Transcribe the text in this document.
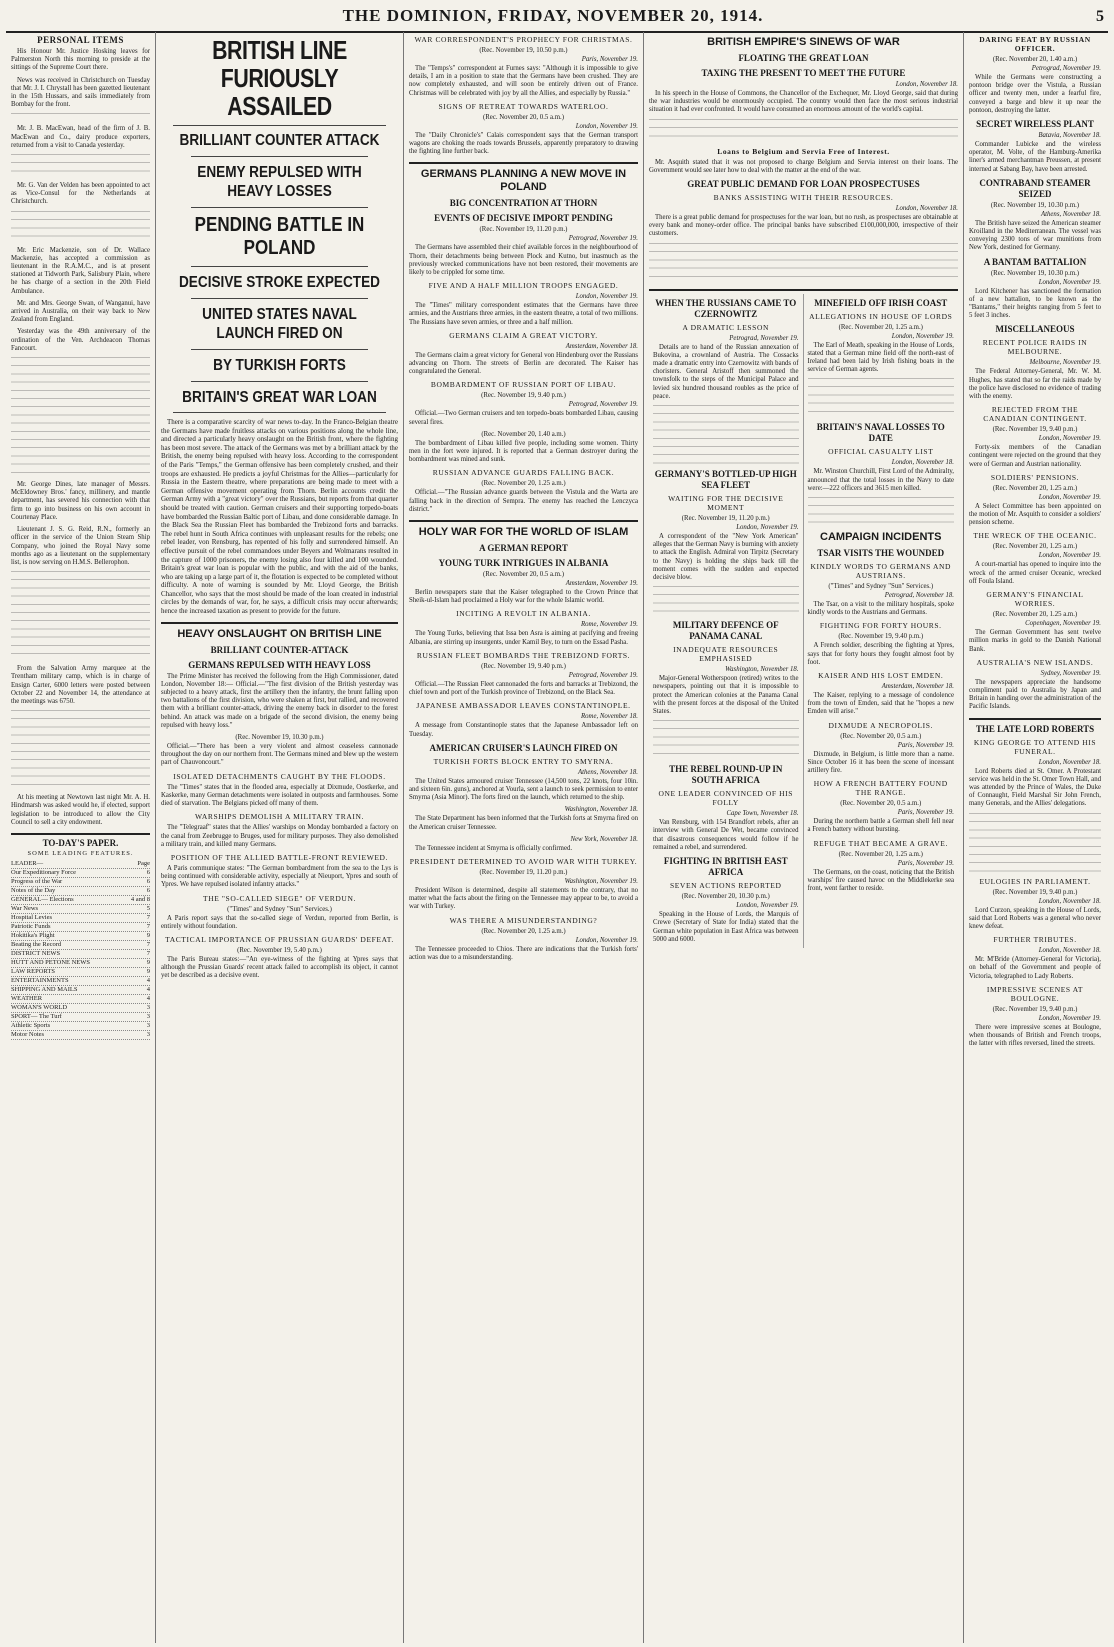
THE DOMINION, FRIDAY, NOVEMBER 20, 1914.	5
PERSONAL ITEMS

His Honour Mr. Justice Hosking leaves for Palmerston North this morning to preside at the sittings of the Supreme Court there.

News was received in Christchurch on Tuesday that Mr. J. I. Chrystall has been gazetted lieutenant in the 15th Hussars, and sails immediately from Bombay for the front.

Mr. J. B. MacEwan, head of the firm of J. B. MacEwan and Co., dairy produce exporters, returned from a visit to Canada yesterday.

Mr. G. Van der Velden has been appointed to act as Vice-Consul for the Netherlands at Christchurch.

Mr. Eric Mackenzie, son of Dr. Wallace Mackenzie, has accepted a commission as lieutenant in the R.A.M.C., and is at present stationed at Tidworth Park, Salisbury Plain, where he has charge of a section in the 20th Field Ambulance.

Mr. and Mrs. George Swan, of Wanganui, have arrived in Australia, on their way back to New Zealand from England.

Yesterday was the 49th anniversary of the ordination of the Ven. Archdeacon Thomas Fancourt.

Mr. George Dines, late manager of Messrs. McEldowney Bros.' fancy, millinery, and mantle department, has severed his connection with that firm to go into business on his own account in Courtenay Place.

Lieutenant J. S. G. Reid, R.N., formerly an officer in the service of the Union Steam Ship Company, who joined the Royal Navy some months ago as a lieutenant on the supplementary list, is now serving on H.M.S. Bellerophon.

From the Salvation Army marquee at the Trentham military camp, which is in charge of Ensign Carter, 6000 letters were posted between October 22 and November 14, the attendance at the meetings was 6750.

At his meeting at Newtown last night Mr. A. H. Hindmarsh was asked would he, if elected, support legislation to be introduced to allow the City Council to sell a city endowment.

TO-DAY'S PAPER.
SOME LEADING FEATURES.
LEADER—	Page
Our Expeditionary Force	6
Progress of the War	6
Notes of the Day	6
GENERAL— Elections	4 and 8
War News	5
Hospital Levies	7
Patriotic Funds	7
Hokitika's Plight	9
Beating the Record	7
DISTRICT NEWS	7
HUTT AND PETONE NEWS	9
LAW REPORTS	9
ENTERTAINMENTS	4
SHIPPING AND MAILS	4
WEATHER	4
WOMAN'S WORLD	3
SPORT— The Turf	3
Athletic Sports	3
Motor Notes	3
BRITISH LINE FURIOUSLY ASSAILED
BRILLIANT COUNTER ATTACK
ENEMY REPULSED WITH HEAVY LOSSES
PENDING BATTLE IN POLAND
DECISIVE STROKE EXPECTED
UNITED STATES NAVAL LAUNCH FIRED ON
BY TURKISH FORTS
BRITAIN'S GREAT WAR LOAN

There is a comparative scarcity of war news to-day. In the Franco-Belgian theatre the Germans have made fruitless attacks on various positions along the whole line, and directed a particularly heavy onslaught on the British front, where the fighting has been most severe. The attack of the Germans was met by a brilliant attack by the British, the enemy being repulsed with heavy loss. According to the correspondent of the Paris "Temps," the German offensive has been completely crushed, and their troops are exhausted. He predicts a joyful Christmas for the Allies—particularly for Russia in the Eastern theatre, where preparations are being made to meet with a German offensive movement operating from Thorn. Berlin accounts credit the German Army with a "great victory" over the Russians, but reports from that quarter should be treated with caution. German cruisers and their supporting torpedo-boats have bombarded the Russian Baltic port of Libau, and done considerable damage. In the Black Sea the Russian Fleet has bombarded the Trebizond forts and barracks. The rebel hunt in South Africa continues with unpleasant results for the rebels; one rebel leader, von Rensburg, has repented of his folly and surrendered himself. An effective pursuit of the rebel commandoes under Beyers and Wolmarans resulted in the capture of 1000 prisoners, the enemy losing also four killed and 100 wounded. Britain's great war loan is popular with the public, and with the aid of the banks, who are taking up a large part of it, the flotation is expected to be completed without difficulty. A note of warning is sounded by Mr. Lloyd George, the British Chancellor, who says that the most should be made of the loan created in industrial circles by the demands of war, for, he says, a difficult crisis may occur afterwards; hence the increased taxation as present to provide for the future.

HEAVY ONSLAUGHT ON BRITISH LINE
BRILLIANT COUNTER-ATTACK
GERMANS REPULSED WITH HEAVY LOSS

The Prime Minister has received the following from the High Commissioner, dated London, November 18:— Official.—"The first division of the British yesterday was subjected to a heavy attack, first the artillery then the infantry, the brunt falling upon two battalions of the first division, who were shaken at first, but rallied, and recovered them with a brilliant counter-attack, driving the enemy back in disorder to the forest behind. An attack was made on a brigade of the second division, the enemy being repulsed with heavy loss."

(Rec. November 19, 10.30 p.m.)

Official.—"There has been a very violent and almost ceaseless cannonade throughout the day on our northern front. The Germans mined and blew up the western part of Chauvoncourt."

ISOLATED DETACHMENTS CAUGHT BY THE FLOODS.

The "Times" states that in the flooded area, especially at Dixmude, Oostkerke, and Kaskerke, many German detachments were isolated in outposts and farmhouses. Some died of starvation. The Belgians picked off many of them.

WARSHIPS DEMOLISH A MILITARY TRAIN.

The "Telegraaf" states that the Allies' warships on Monday bombarded a factory on the canal from Zeebrugge to Bruges, used for military purposes. They also demolished a military train, and killed many Germans.

POSITION OF THE ALLIED BATTLE-FRONT REVIEWED.

A Paris communique states: "The German bombardment from the sea to the Lys is being continued with considerable activity, especially at Nieuport, Ypres and south of Ypres. We have repulsed isolated infantry attacks."

THE "SO-CALLED SIEGE" OF VERDUN.
("Times" and Sydney "Sun" Services.)

A Paris report says that the so-called siege of Verdun, reported from Berlin, is entirely without foundation.

TACTICAL IMPORTANCE OF PRUSSIAN GUARDS' DEFEAT.
(Rec. November 19, 5.40 p.m.)

The Paris Bureau states:—"An eye-witness of the fighting at Ypres says that although the Prussian Guards' recent attack failed to accomplish its object, it cannot yet be described as a decisive event.

WAR CORRESPONDENT'S PROPHECY FOR CHRISTMAS.
(Rec. November 19, 10.50 p.m.)
Paris, November 19.

The "Temps's" correspondent at Furnes says: "Although it is impossible to give details, I am in a position to state that the Germans have been crushed. They are now completely exhausted, and will soon be entirely driven out of France. Christmas will be celebrated with joy by all the Allies, and especially by Russia."

SIGNS OF RETREAT TOWARDS WATERLOO.
(Rec. November 20, 0.5 a.m.)
London, November 19.

The "Daily Chronicle's" Calais correspondent says that the German transport wagons are choking the roads towards Brussels, apparently preparatory to drawing the fighting line further back.

GERMANS PLANNING A NEW MOVE IN POLAND
BIG CONCENTRATION AT THORN
EVENTS OF DECISIVE IMPORT PENDING
(Rec. November 19, 11.20 p.m.)
Petrograd, November 19.

The Germans have assembled their chief available forces in the neighbourhood of Thorn, their detachments being between Plock and Kutno, but inasmuch as the previously wrecked communications have not been restored, their movements are likely to be crippled for some time.

FIVE AND A HALF MILLION TROOPS ENGAGED.
London, November 19.

The "Times" military correspondent estimates that the Germans have three armies, and the Austrians three armies, in the eastern theatre, a total of two millions. The Russians have seven armies, or three and a half million.

GERMANS CLAIM A GREAT VICTORY.
Amsterdam, November 18.

The Germans claim a great victory for General von Hindenburg over the Russians advancing on Thorn. The streets of Berlin are decorated. The Kaiser has congratulated the General.

BOMBARDMENT OF RUSSIAN PORT OF LIBAU.
(Rec. November 19, 9.40 p.m.)
Petrograd, November 19.

Official.—Two German cruisers and ten torpedo-boats bombarded Libau, causing several fires.

(Rec. November 20, 1.40 a.m.)

The bombardment of Libau killed five people, including some women. Thirty men in the fort were injured. It is reported that a German destroyer during the bombardment was mined and sunk.

RUSSIAN ADVANCE GUARDS FALLING BACK.
(Rec. November 20, 1.25 a.m.)

Official.—"The Russian advance guards between the Vistula and the Warta are falling back in the direction of Sempra. The enemy has reached the Lenczyca district."

HOLY WAR FOR THE WORLD OF ISLAM
A GERMAN REPORT
YOUNG TURK INTRIGUES IN ALBANIA
(Rec. November 20, 0.5 a.m.)
Amsterdam, November 19.

Berlin newspapers state that the Kaiser telegraphed to the Crown Prince that Sheik-ul-Islam had proclaimed a Holy war for the whole Islamic world.

INCITING A REVOLT IN ALBANIA.
Rome, November 19.

The Young Turks, believing that Issa ben Asra is aiming at pacifying and freeing Albania, are stirring up insurgents, under Kamil Bey, to turn on the Essad Pasha.

RUSSIAN FLEET BOMBARDS THE TREBIZOND FORTS.
(Rec. November 19, 9.40 p.m.)
Petrograd, November 19.

Official.—The Russian Fleet cannonaded the forts and barracks at Trebizond, the chief town and port of the Turkish province of Trebizond, on the Black Sea.

JAPANESE AMBASSADOR LEAVES CONSTANTINOPLE.
Rome, November 18.

A message from Constantinople states that the Japanese Ambassador left on Tuesday.

AMERICAN CRUISER'S LAUNCH FIRED ON
TURKISH FORTS BLOCK ENTRY TO SMYRNA.
Athens, November 18.

The United States armoured cruiser Tennessee (14,500 tons, 22 knots, four 10in. and sixteen 6in. guns), anchored at Vourla, sent a launch to seek permission to enter Smyrna (Asia Minor). The forts fired on the launch, which returned to the ship.

Washington, November 18.

The State Department has been informed that the Turkish forts at Smyrna fired on the American cruiser Tennessee.

New York, November 18.

The Tennessee incident at Smyrna is officially confirmed.

PRESIDENT DETERMINED TO AVOID WAR WITH TURKEY.
(Rec. November 19, 11.20 p.m.)
Washington, November 19.

President Wilson is determined, despite all statements to the contrary, that no matter what the facts about the firing on the Tennessee may appear to be, to avoid a war with Turkey.

WAS THERE A MISUNDERSTANDING?
(Rec. November 20, 1.25 a.m.)
London, November 19.

The Tennessee proceeded to Chios. There are indications that the Turkish forts' action was due to a misunderstanding.

BRITISH EMPIRE'S SINEWS OF WAR
FLOATING THE GREAT LOAN
TAXING THE PRESENT TO MEET THE FUTURE
London, November 18.

In his speech in the House of Commons, the Chancellor of the Exchequer, Mr. Lloyd George, said that during the war industries would be enormously occupied. The country would then face the most serious industrial situation it had ever confronted. It would have consumed an enormous amount of the world's capital.

Loans to Belgium and Servia Free of Interest.

Mr. Asquith stated that it was not proposed to charge Belgium and Servia interest on their loans. The Government would see later how to deal with the matter at the end of the war.

GREAT PUBLIC DEMAND FOR LOAN PROSPECTUSES
BANKS ASSISTING WITH THEIR RESOURCES.
London, November 18.

There is a great public demand for prospectuses for the war loan, but no rush, as prospectuses are obtainable at every bank and money-order office. The principal banks have subscribed £100,000,000, irrespective of their customers.

WHEN THE RUSSIANS CAME TO CZERNOWITZ
A DRAMATIC LESSON
Petrograd, November 19.

Details are to hand of the Russian annexation of Bukovina, a crownland of Austria. The Cossacks made a dramatic entry into Czernowitz with bands of choristers. General Aristoff then summoned the townsfolk to the steps of the Municipal Palace and levied six hundred thousand roubles as the price of peace.

GERMANY'S BOTTLED-UP HIGH SEA FLEET
WAITING FOR THE DECISIVE MOMENT
(Rec. November 19, 11.20 p.m.)
London, November 19.

A correspondent of the "New York American" alleges that the German Navy is burning with anxiety to attack the English. Admiral von Tirpitz (Secretary to the Navy) is holding the ships back till the moment comes with the sudden and expected decisive blow.

MILITARY DEFENCE OF PANAMA CANAL
INADEQUATE RESOURCES EMPHASISED
Washington, November 18.

Major-General Wotherspoon (retired) writes to the newspapers, pointing out that it is impossible to protect the American colonies at the Panama Canal with the present forces at the disposal of the United States.

THE REBEL ROUND-UP IN SOUTH AFRICA
ONE LEADER CONVINCED OF HIS FOLLY
Cape Town, November 18.

Van Rensburg, with 154 Brandfort rebels, after an interview with General De Wet, became convinced that disastrous consequences would follow if he remained a rebel, and surrendered.

FIGHTING IN BRITISH EAST AFRICA
SEVEN ACTIONS REPORTED
(Rec. November 20, 10.30 p.m.)
London, November 19.

Speaking in the House of Lords, the Marquis of Crewe (Secretary of State for India) stated that the German white population in East Africa was between 5000 and 6000.

MINEFIELD OFF IRISH COAST
ALLEGATIONS IN HOUSE OF LORDS
(Rec. November 20, 1.25 a.m.)
London, November 19.

The Earl of Meath, speaking in the House of Lords, stated that a German mine field off the north-east of Ireland had been laid by Irish fishing boats in the service of German agents.

BRITAIN'S NAVAL LOSSES TO DATE
OFFICIAL CASUALTY LIST
London, November 18.

Mr. Winston Churchill, First Lord of the Admiralty, announced that the total losses in the Navy to date were:—222 officers and 3615 men killed.

CAMPAIGN INCIDENTS
TSAR VISITS THE WOUNDED
KINDLY WORDS TO GERMANS AND AUSTRIANS.
("Times" and Sydney "Sun" Services.)
Petrograd, November 18.

The Tsar, on a visit to the military hospitals, spoke kindly words to the Austrians and Germans.

FIGHTING FOR FORTY HOURS.
(Rec. November 19, 9.40 p.m.)

A French soldier, describing the fighting at Ypres, says that for forty hours they fought almost foot by foot.

KAISER AND HIS LOST EMDEN.
Amsterdam, November 18.

The Kaiser, replying to a message of condolence from the town of Emden, said that he "hopes a new Emden will arise."

DIXMUDE A NECROPOLIS.
(Rec. November 20, 0.5 a.m.)
Paris, November 19.

Dixmude, in Belgium, is little more than a name. Since October 16 it has been the scene of incessant artillery fire.

HOW A FRENCH BATTERY FOUND THE RANGE.
(Rec. November 20, 0.5 a.m.)
Paris, November 19.

During the northern battle a German shell fell near a French battery without bursting.

REFUGE THAT BECAME A GRAVE.
(Rec. November 20, 1.25 a.m.)
Paris, November 19.

The Germans, on the coast, noticing that the British warships' fire caused havoc on the Middlekerke sea front, went farther to reside.

DARING FEAT BY RUSSIAN OFFICER.
(Rec. November 20, 1.40 a.m.)
Petrograd, November 19.

While the Germans were constructing a pontoon bridge over the Vistula, a Russian officer and twenty men, under a fearful fire, conveyed a barge and blew it up near the pontoon, destroying the latter.

SECRET WIRELESS PLANT
Batavia, November 18.

Commander Lubicke and the wireless operator, M. Volte, of the Hamburg-Amerika liner's armed merchantman Preussen, at present interned at Sabang Bay, have been arrested.

CONTRABAND STEAMER SEIZED
(Rec. November 19, 10.30 p.m.)
Athens, November 18.

The British have seized the American steamer Kroilland in the Mediterranean. The vessel was conveying 2300 tons of war munitions from New York, destined for Germany.

A BANTAM BATTALION
(Rec. November 19, 10.30 p.m.)
London, November 19.

Lord Kitchener has sanctioned the formation of a new battalion, to be known as the "Bantams," their heights ranging from 5 feet to 5 feet 3 inches.

MISCELLANEOUS
RECENT POLICE RAIDS IN MELBOURNE.
Melbourne, November 19.

The Federal Attorney-General, Mr. W. M. Hughes, has stated that so far the raids made by the police have disclosed no evidence of trading with the enemy.

REJECTED FROM THE CANADIAN CONTINGENT.
(Rec. November 19, 9.40 p.m.)
London, November 19.

Forty-six members of the Canadian contingent were rejected on the ground that they were of German and Austrian nationality.

SOLDIERS' PENSIONS.
(Rec. November 20, 1.25 a.m.)
London, November 19.

A Select Committee has been appointed on the motion of Mr. Asquith to consider a soldiers' pension scheme.

THE WRECK OF THE OCEANIC.
(Rec. November 20, 1.25 a.m.)
London, November 19.

A court-martial has opened to inquire into the wreck of the armed cruiser Oceanic, wrecked off Foula Island.

GERMANY'S FINANCIAL WORRIES.
(Rec. November 20, 1.25 a.m.)
Copenhagen, November 19.

The German Government has sent twelve million marks in gold to the Danish National Bank.

AUSTRALIA'S NEW ISLANDS.
Sydney, November 19.

The newspapers appreciate the handsome compliment paid to Australia by Japan and Britain in handing over the administration of the Pacific Islands.

THE LATE LORD ROBERTS
KING GEORGE TO ATTEND HIS FUNERAL.
London, November 18.

Lord Roberts died at St. Omer. A Protestant service was held in the St. Omer Town Hall, and was attended by the Prince of Wales, the Duke of Connaught, Field Marshal Sir John French, many Generals, and the Allies' delegations.

EULOGIES IN PARLIAMENT.
(Rec. November 19, 9.40 p.m.)
London, November 18.

Lord Curzon, speaking in the House of Lords, said that Lord Roberts was a general who never knew defeat.

FURTHER TRIBUTES.
London, November 18.

Mr. M'Bride (Attorney-General for Victoria), on behalf of the Government and people of Victoria, telegraphed to Lady Roberts.

IMPRESSIVE SCENES AT BOULOGNE.
(Rec. November 19, 9.40 p.m.)
London, November 19.

There were impressive scenes at Boulogne, when thousands of British and French troops, the latter with rifles reversed, lined the streets.
